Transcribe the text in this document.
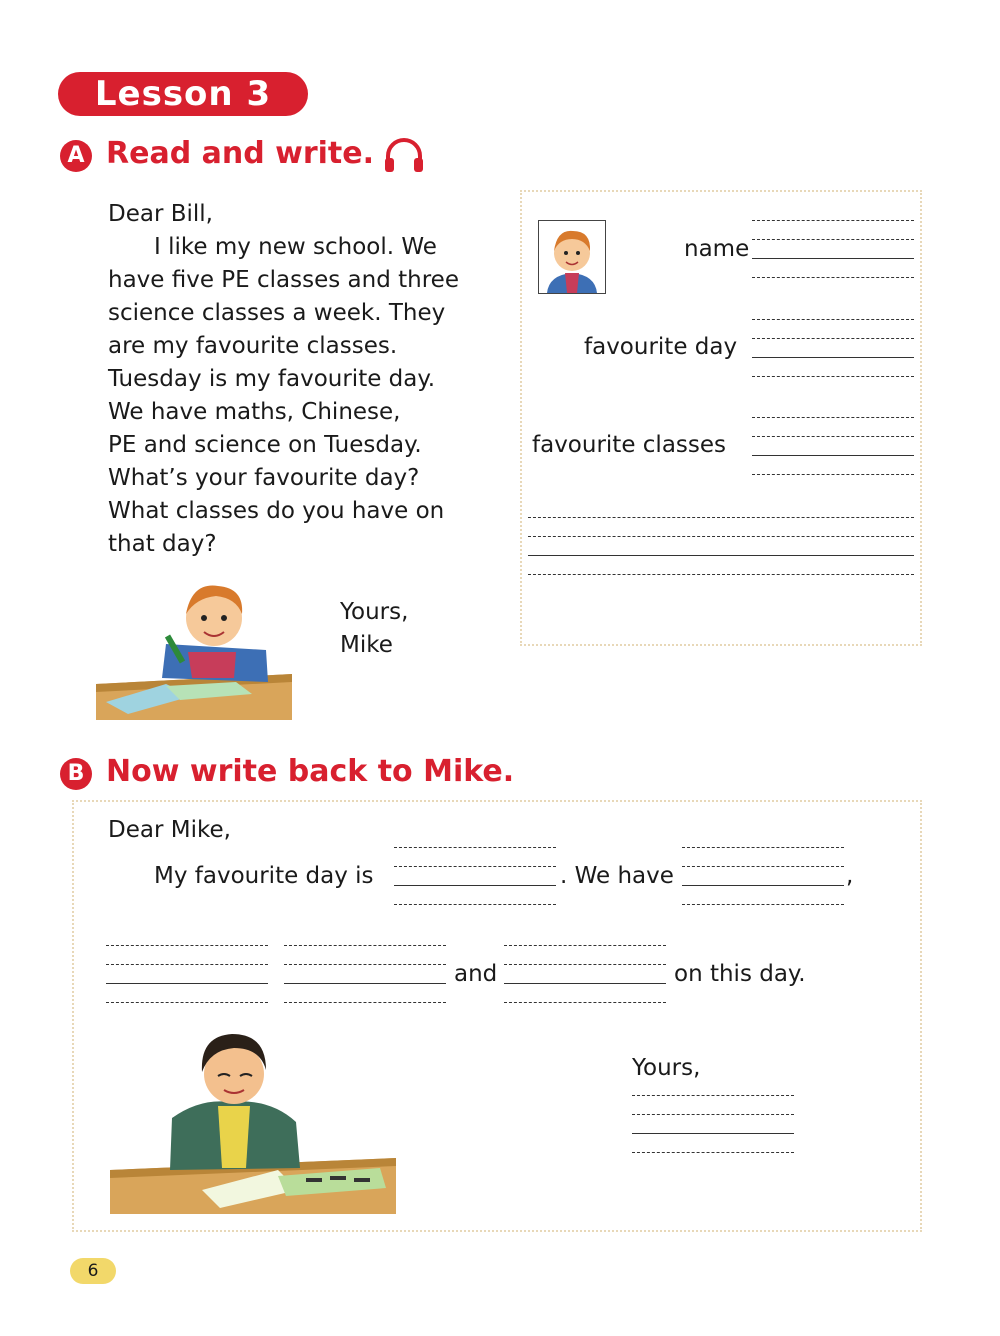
Lesson 3
A Read and write.
Dear Bill,
I like my new school. We
have five PE classes and three
science classes a week. They
are my favourite classes.
Tuesday is my favourite day.
We have maths, Chinese,
PE and science on Tuesday.
What’s your favourite day?
What classes do you have on
that day?
Yours,
Mike
name
favourite day
favourite classes
B Now write back to Mike.
Dear Mike,
My favourite day is	. We have	,
and	on this day.
Yours,
6
